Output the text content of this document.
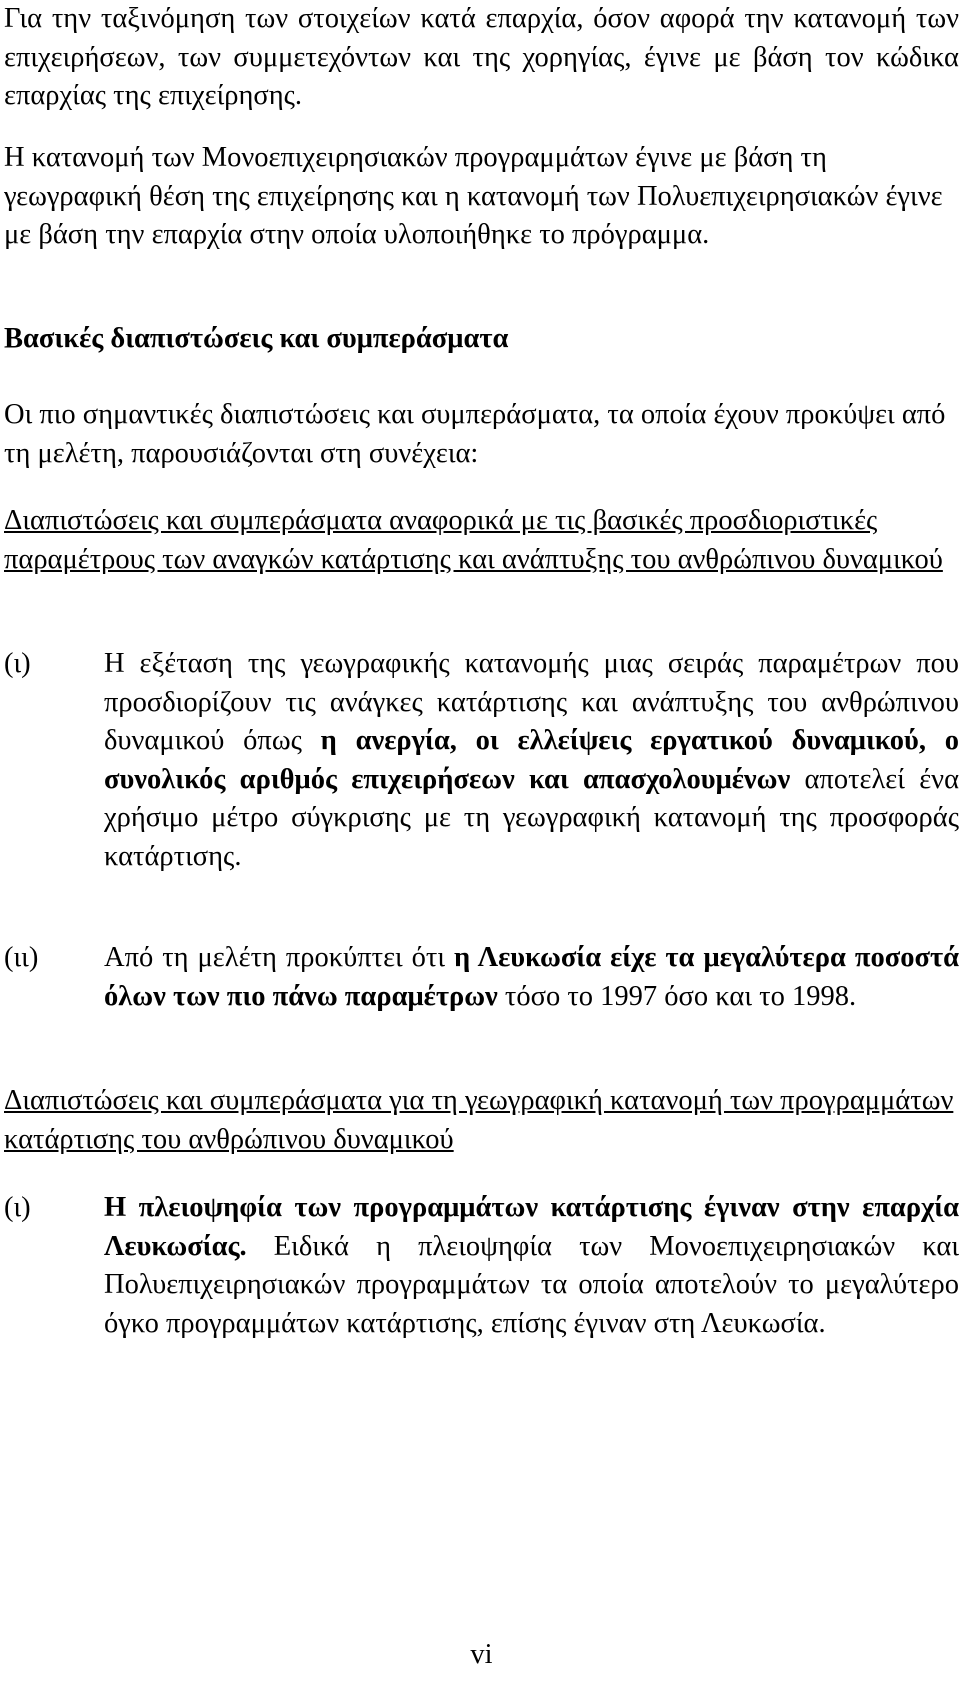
Για την ταξινόμηση των στοιχείων κατά επαρχία, όσον αφορά την κατανομή των επιχειρήσεων, των συμμετεχόντων και της χορηγίας, έγινε με βάση τον κώδικα επαρχίας της επιχείρησης.

Η κατανομή των Μονοεπιχειρησιακών προγραμμάτων έγινε με βάση τη γεωγραφική θέση της επιχείρησης και η κατανομή των Πολυεπιχειρησιακών έγινε με βάση την επαρχία στην οποία υλοποιήθηκε το πρόγραμμα.

Βασικές διαπιστώσεις και συμπεράσματα

Οι πιο σημαντικές διαπιστώσεις και συμπεράσματα, τα οποία έχουν προκύψει από τη μελέτη, παρουσιάζονται στη συνέχεια:

Διαπιστώσεις και συμπεράσματα αναφορικά με τις βασικές προσδιοριστικές παραμέτρους των αναγκών κατάρτισης και ανάπτυξης του ανθρώπινου δυναμικού

(ι)	Η εξέταση της γεωγραφικής κατανομής μιας σειράς παραμέτρων που προσδιορίζουν τις ανάγκες κατάρτισης και ανάπτυξης του ανθρώπινου δυναμικού όπως η ανεργία, οι ελλείψεις εργατικού δυναμικού, ο συνολικός αριθμός επιχειρήσεων και απασχολουμένων αποτελεί ένα χρήσιμο μέτρο σύγκρισης με τη γεωγραφική κατανομή της προσφοράς κατάρτισης.

(ιι) Από τη μελέτη προκύπτει ότι η Λευκωσία είχε τα μεγαλύτερα ποσοστά όλων των πιο πάνω παραμέτρων τόσο το 1997 όσο και το 1998.

Διαπιστώσεις και συμπεράσματα για τη γεωγραφική κατανομή των προγραμμάτων κατάρτισης του ανθρώπινου δυναμικού

(ι)	Η πλειοψηφία των προγραμμάτων κατάρτισης έγιναν στην επαρχία Λευκωσίας. Ειδικά η πλειοψηφία των Μονοεπιχειρησιακών και Πολυεπιχειρησιακών προγραμμάτων τα οποία αποτελούν το μεγαλύτερο όγκο προγραμμάτων κατάρτισης, επίσης έγιναν στη Λευκωσία.

vi
